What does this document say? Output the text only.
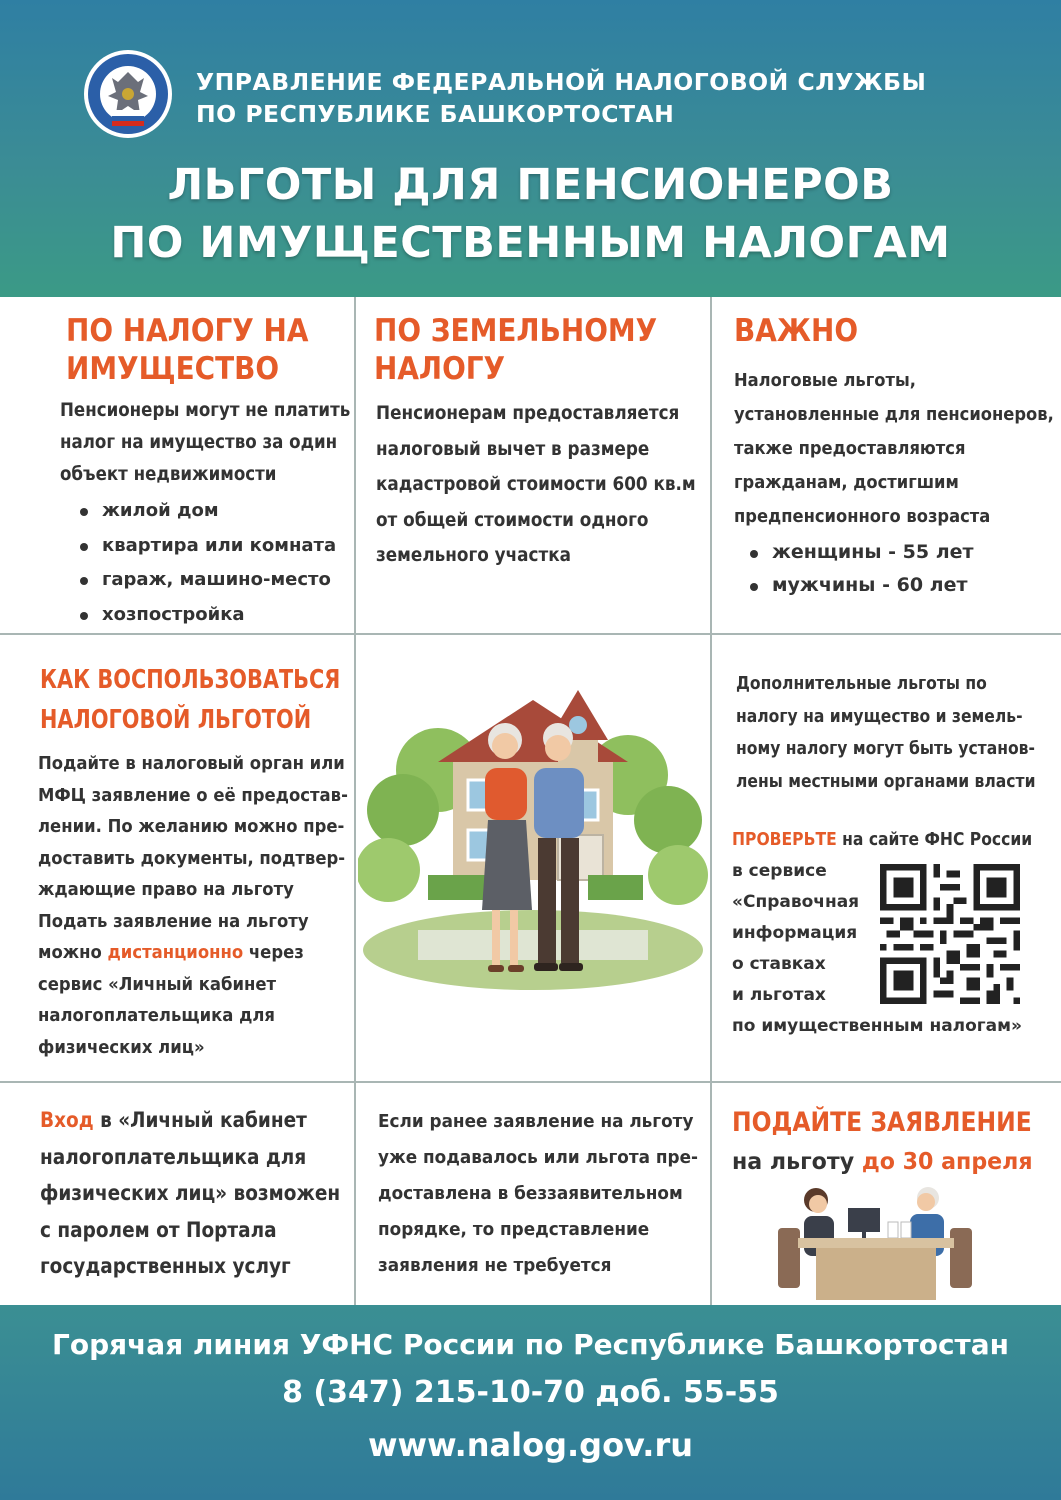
УПРАВЛЕНИЕ ФЕДЕРАЛЬНОЙ НАЛОГОВОЙ СЛУЖБЫ
ПО РЕСПУБЛИКЕ БАШКОРТОСТАН
ЛЬГОТЫ ДЛЯ ПЕНСИОНЕРОВ
ПО ИМУЩЕСТВЕННЫМ НАЛОГАМ
ПО НАЛОГУ НА
ИМУЩЕСТВО
Пенсионеры могут не платить
налог на имущество за один
объект недвижимости
жилой дом
квартира или комната
гараж, машино-место
хозпостройка
ПО ЗЕМЕЛЬНОМУ
НАЛОГУ
Пенсионерам предоставляется
налоговый вычет в размере
кадастровой стоимости 600 кв.м
от общей стоимости одного
земельного участка
ВАЖНО
Налоговые льготы,
установленные для пенсионеров,
также предоставляются
гражданам, достигшим
предпенсионного возраста
женщины - 55 лет
мужчины - 60 лет
КАК ВОСПОЛЬЗОВАТЬСЯ
НАЛОГОВОЙ ЛЬГОТОЙ
Подайте в налоговый орган или
МФЦ заявление о её предостав-
лении. По желанию можно пре-
доставить документы, подтвер-
ждающие право на льготу
Подать заявление на льготу
можно дистанционно через
сервис «Личный кабинет
налогоплательщика для
физических лиц»
Дополнительные льготы по
налогу на имущество и земель-
ному налогу могут быть установ-
лены местными органами власти
ПРОВЕРЬТЕ на сайте ФНС России
в сервисе
«Справочная
информация
о ставках
и льготах
по имущественным налогам»
Вход в «Личный кабинет
налогоплательщика для
физических лиц» возможен
с паролем от Портала
государственных услуг
Если ранее заявление на льготу
уже подавалось или льгота пре-
доставлена в беззаявительном
порядке, то представление
заявления не требуется
ПОДАЙТЕ ЗАЯВЛЕНИЕ
на льготу до 30 апреля
Горячая линия УФНС России по Республике Башкортостан
8 (347) 215-10-70 доб. 55-55
www.nalog.gov.ru
